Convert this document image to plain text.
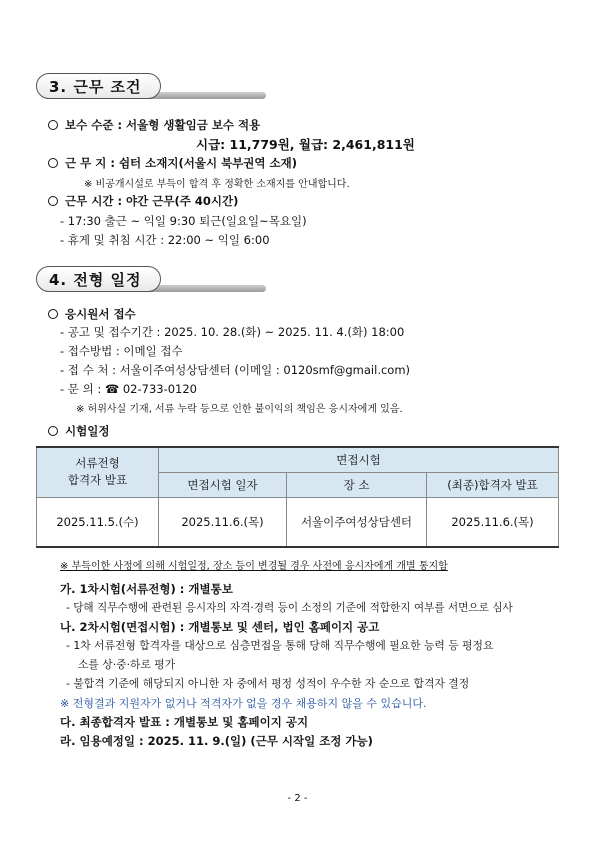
3. 근무 조건
보수 수준 : 서울형 생활임금 보수 적용
시급: 11,779원, 월급: 2,461,811원
근 무 지 : 쉼터 소재지(서울시 북부권역 소재)
※ 비공개시설로 부득이 합격 후 정확한 소재지를 안내합니다.
근무 시간 : 야간 근무(주 40시간)
- 17:30 출근 ~ 익일 9:30 퇴근(일요일~목요일)
- 휴게 및 취침 시간 : 22:00 ~ 익일 6:00
4. 전형 일정
응시원서 접수
- 공고 및 접수기간 : 2025. 10. 28.(화) ~ 2025. 11. 4.(화) 18:00
- 접수방법 : 이메일 접수
- 접 수 처 : 서울이주여성상담센터 (이메일 : 0120smf@gmail.com)
- 문 의 : ☎ 02-733-0120
※ 허위사실 기재, 서류 누락 등으로 인한 불이익의 책임은 응시자에게 있음.
시험일정
서류전형
합격자 발표	면접시험		
	면접시험 일자	장 소	(최종)합격자 발표
2025.11.5.(수)	2025.11.6.(목)	서울이주여성상담센터	2025.11.6.(목)
※ 부득이한 사정에 의해 시험일정, 장소 등이 변경될 경우 사전에 응시자에게 개별 통지함
가. 1차시험(서류전형) : 개별통보
- 당해 직무수행에 관련된 응시자의 자격·경력 등이 소정의 기준에 적합한지 여부를 서면으로 심사
나. 2차시험(면접시험) : 개별통보 및 센터, 법인 홈페이지 공고
- 1차 서류전형 합격자를 대상으로 심층면접을 통해 당해 직무수행에 필요한 능력 등 평정요
소를 상·중·하로 평가
- 불합격 기준에 해당되지 아니한 자 중에서 평정 성적이 우수한 자 순으로 합격자 결정
※ 전형결과 지원자가 없거나 적격자가 없을 경우 채용하지 않을 수 있습니다.
다. 최종합격자 발표 : 개별통보 및 홈페이지 공지
라. 임용예정일 : 2025. 11. 9.(일) (근무 시작일 조정 가능)
- 2 -
